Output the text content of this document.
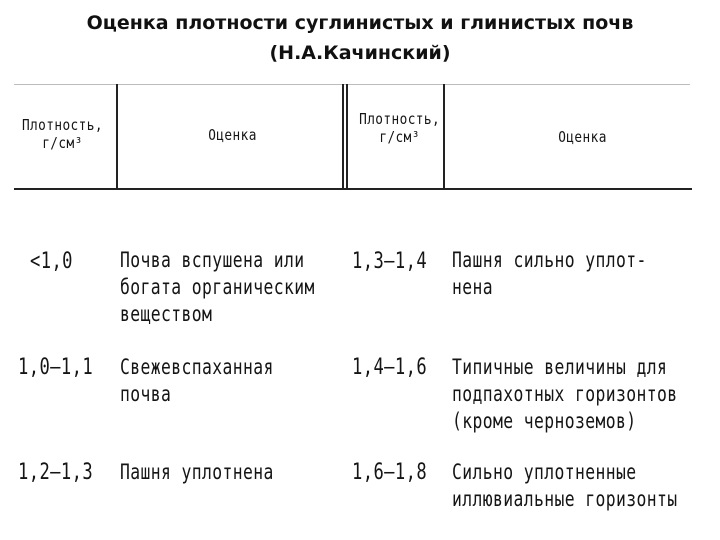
Оценка плотности суглинистых и глинистых почв
(Н.А.Качинский)
Плотность,
г/см³	Оценка
Плотность,
г/см³	Оценка
<1,0 Почва вспушена или
богата органическим
веществом
1,0–1,1 Свежевспаханная
почва
1,2–1,3 Пашня уплотнена
1,3–1,4 Пашня сильно уплот-
нена
1,4–1,6 Типичные величины для
подпахотных горизонтов
(кроме черноземов)
1,6–1,8 Сильно уплотненные
иллювиальные горизонты
